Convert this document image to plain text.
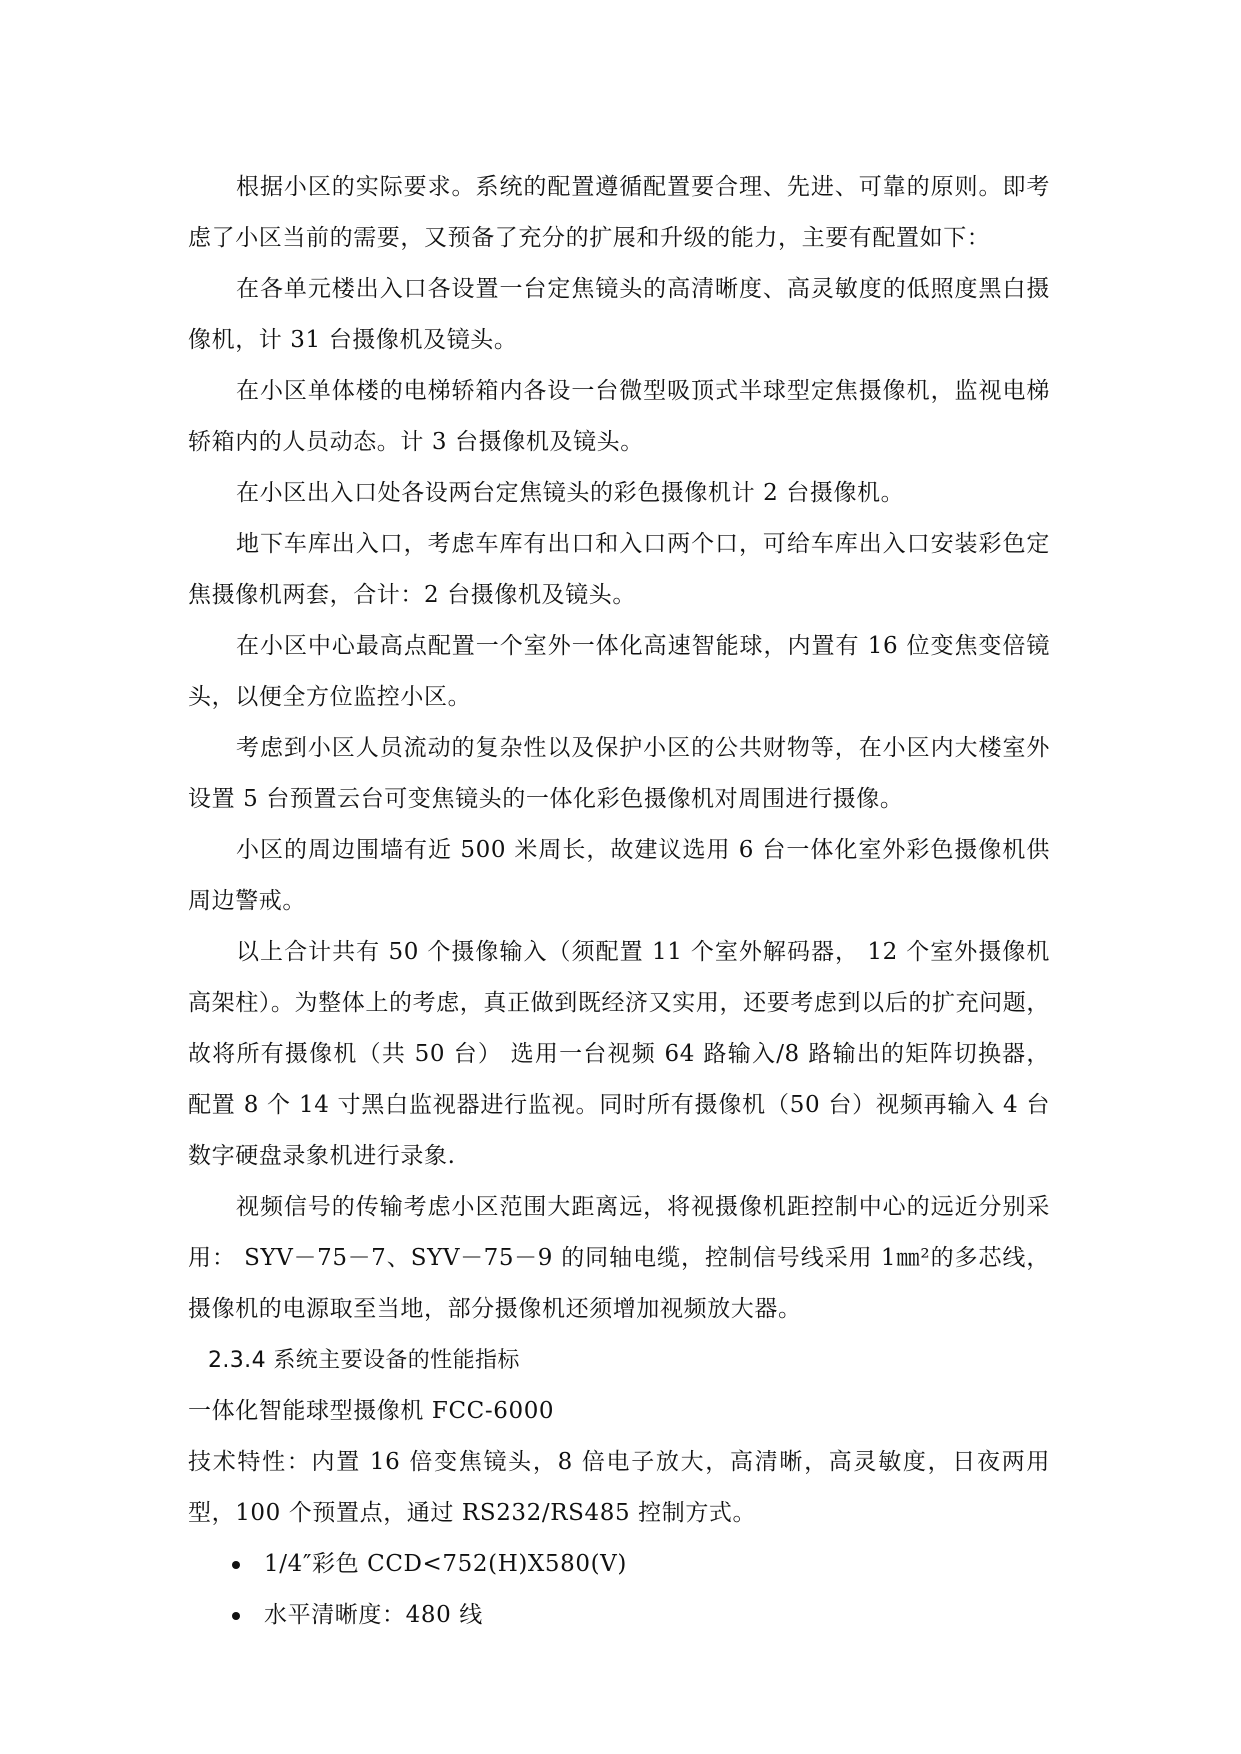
根据小区的实际要求。系统的配置遵循配置要合理、先进、可靠的原则。即考虑了小区当前的需要，又预备了充分的扩展和升级的能力，主要有配置如下：

在各单元楼出入口各设置一台定焦镜头的高清晰度、高灵敏度的低照度黑白摄像机，计 31 台摄像机及镜头。

在小区单体楼的电梯轿箱内各设一台微型吸顶式半球型定焦摄像机，监视电梯轿箱内的人员动态。计 3 台摄像机及镜头。

在小区出入口处各设两台定焦镜头的彩色摄像机计 2 台摄像机。

地下车库出入口，考虑车库有出口和入口两个口，可给车库出入口安装彩色定焦摄像机两套，合计：2 台摄像机及镜头。

在小区中心最高点配置一个室外一体化高速智能球，内置有 16 位变焦变倍镜头，以便全方位监控小区。

考虑到小区人员流动的复杂性以及保护小区的公共财物等，在小区内大楼室外设置 5 台预置云台可变焦镜头的一体化彩色摄像机对周围进行摄像。

小区的周边围墙有近 500 米周长，故建议选用 6 台一体化室外彩色摄像机供周边警戒。

以上合计共有 50 个摄像输入（须配置 11 个室外解码器， 12 个室外摄像机高架柱）。为整体上的考虑，真正做到既经济又实用，还要考虑到以后的扩充问题，故将所有摄像机（共 50 台） 选用一台视频 64 路输入/8 路输出的矩阵切换器，配置 8 个 14 寸黑白监视器进行监视。同时所有摄像机（50 台）视频再输入 4 台数字硬盘录象机进行录象.

视频信号的传输考虑小区范围大距离远，将视摄像机距控制中心的远近分别采用： SYV－75－7、SYV－75－9 的同轴电缆，控制信号线采用 1㎜²的多芯线，摄像机的电源取至当地，部分摄像机还须增加视频放大器。

2.3.4 系统主要设备的性能指标

一体化智能球型摄像机 FCC-6000

技术特性：内置 16 倍变焦镜头，8 倍电子放大，高清晰，高灵敏度，日夜两用型，100 个预置点，通过 RS232/RS485 控制方式。

1/4″彩色 CCD<752(H)X580(V)
水平清晰度：480 线
